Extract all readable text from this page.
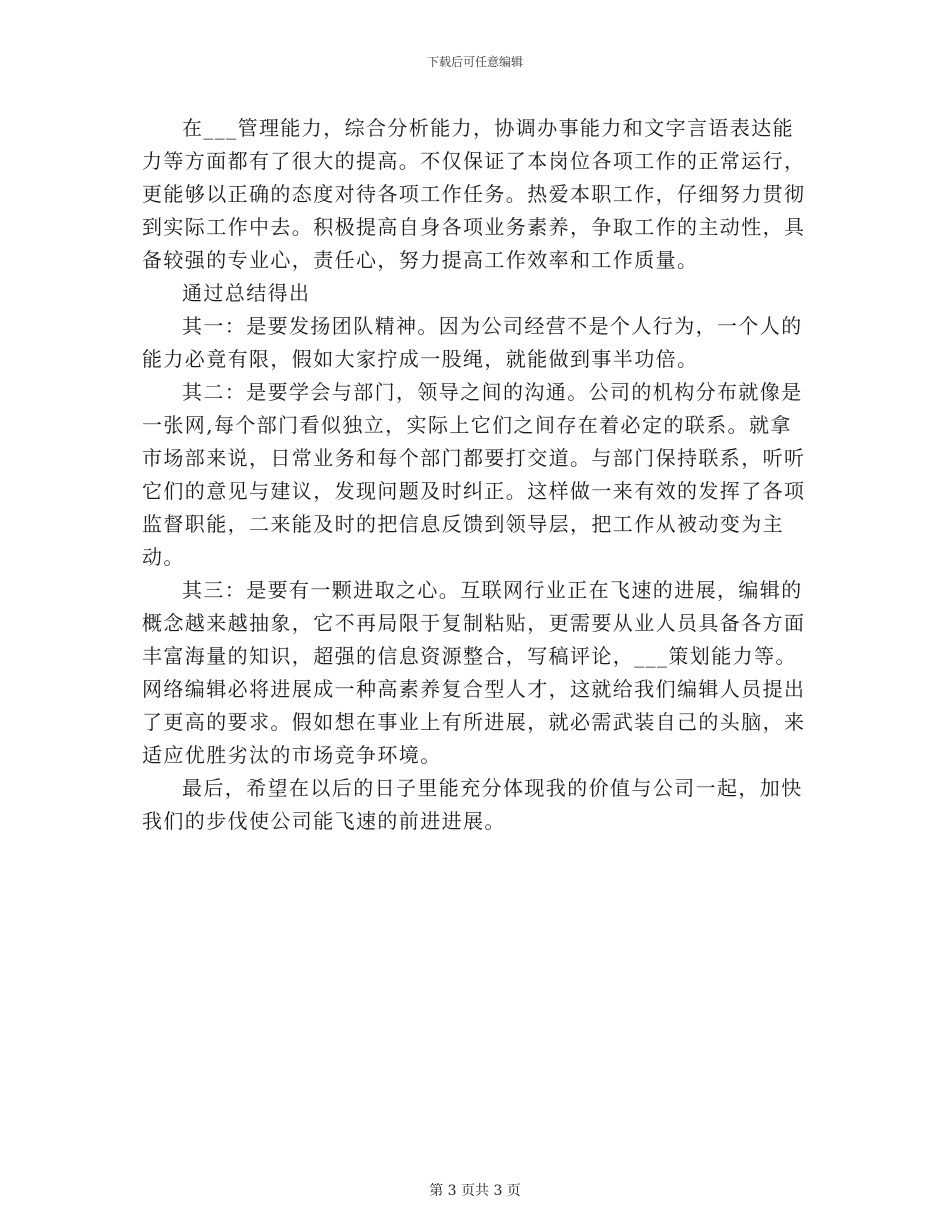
下载后可任意编辑

在___管理能力，综合分析能力，协调办事能力和文字言语表达能力等方面都有了很大的提高。不仅保证了本岗位各项工作的正常运行，更能够以正确的态度对待各项工作任务。热爱本职工作，仔细努力贯彻到实际工作中去。积极提高自身各项业务素养，争取工作的主动性，具备较强的专业心，责任心，努力提高工作效率和工作质量。

通过总结得出

其一：是要发扬团队精神。因为公司经营不是个人行为，一个人的能力必竟有限，假如大家拧成一股绳，就能做到事半功倍。

其二：是要学会与部门，领导之间的沟通。公司的机构分布就像是一张网,每个部门看似独立，实际上它们之间存在着必定的联系。就拿市场部来说，日常业务和每个部门都要打交道。与部门保持联系，听听它们的意见与建议，发现问题及时纠正。这样做一来有效的发挥了各项监督职能，二来能及时的把信息反馈到领导层，把工作从被动变为主动。

其三：是要有一颗进取之心。互联网行业正在飞速的进展，编辑的概念越来越抽象，它不再局限于复制粘贴，更需要从业人员具备各方面丰富海量的知识，超强的信息资源整合，写稿评论，___策划能力等。网络编辑必将进展成一种高素养复合型人才，这就给我们编辑人员提出了更高的要求。假如想在事业上有所进展，就必需武装自己的头脑，来适应优胜劣汰的市场竞争环境。

最后，希望在以后的日子里能充分体现我的价值与公司一起，加快我们的步伐使公司能飞速的前进进展。

第 3 页共 3 页
